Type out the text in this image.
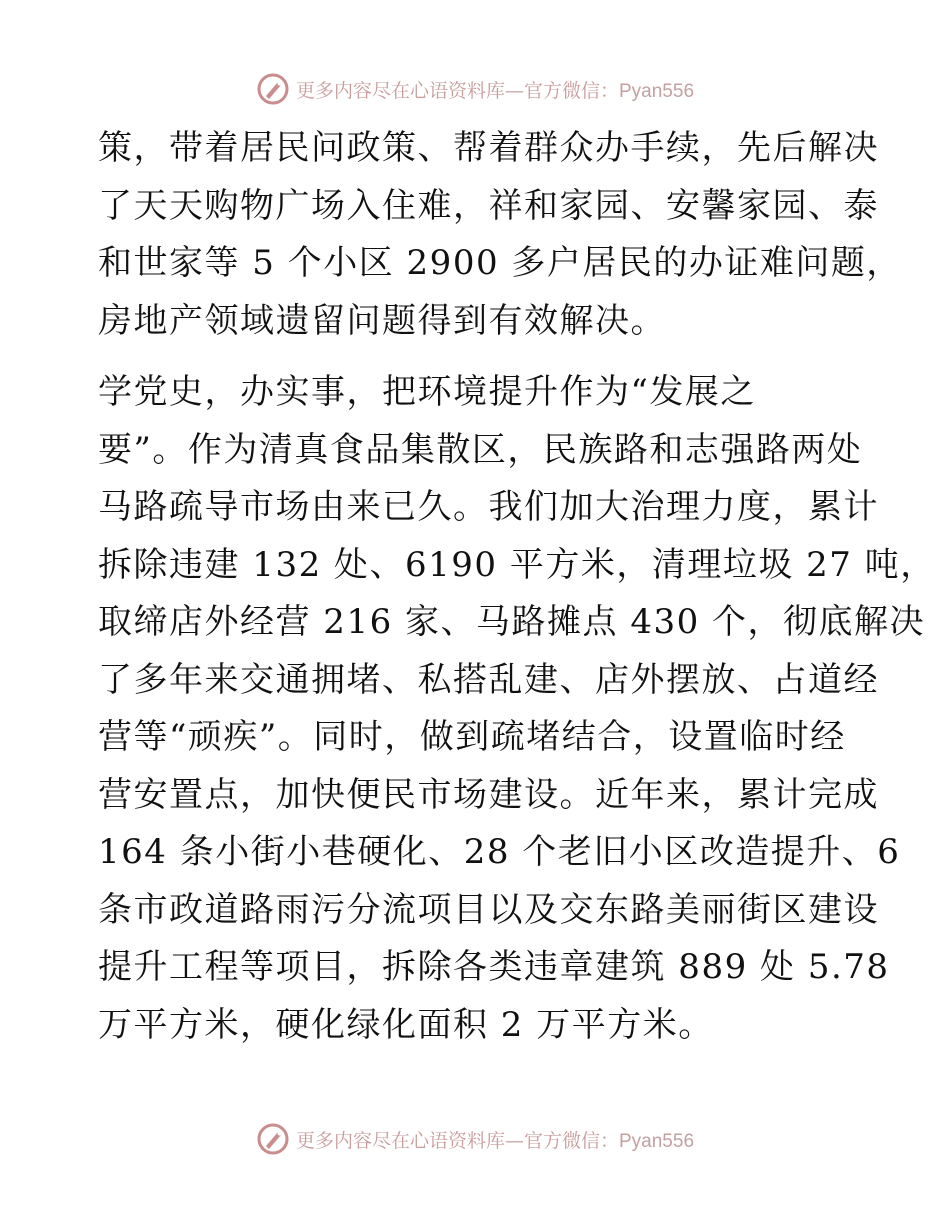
更多内容尽在心语资料库—官方微信：Pyan556

策，带着居民问政策、帮着群众办手续，先后解决
了天天购物广场入住难，祥和家园、安馨家园、泰
和世家等 5 个小区 2900 多户居民的办证难问题，
房地产领域遗留问题得到有效解决。

学党史，办实事，把环境提升作为“发展之
要”。作为清真食品集散区，民族路和志强路两处
马路疏导市场由来已久。我们加大治理力度，累计
拆除违建 132 处、6190 平方米，清理垃圾 27 吨，
取缔店外经营 216 家、马路摊点 430 个，彻底解决
了多年来交通拥堵、私搭乱建、店外摆放、占道经
营等“顽疾”。同时，做到疏堵结合，设置临时经
营安置点，加快便民市场建设。近年来，累计完成
164 条小街小巷硬化、28 个老旧小区改造提升、6
条市政道路雨污分流项目以及交东路美丽街区建设
提升工程等项目，拆除各类违章建筑 889 处 5.78
万平方米，硬化绿化面积 2 万平方米。

更多内容尽在心语资料库—官方微信：Pyan556
